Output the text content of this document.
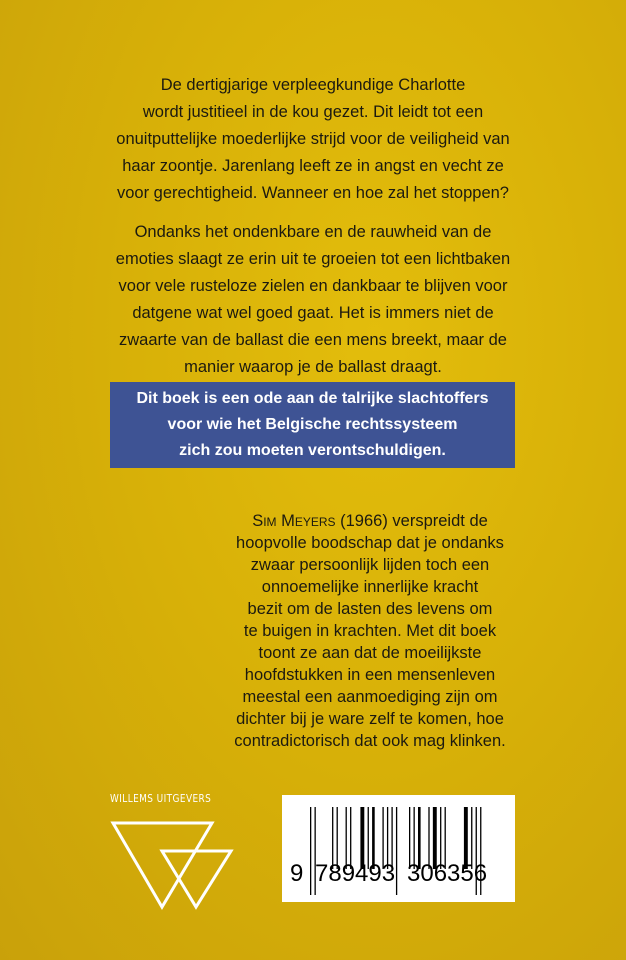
De dertigjarige verpleegkundige Charlotte
wordt justitieel in de kou gezet. Dit leidt tot een
onuitputtelijke moederlijke strijd voor de veiligheid van
haar zoontje. Jarenlang leeft ze in angst en vecht ze
voor gerechtigheid. Wanneer en hoe zal het stoppen?

Ondanks het ondenkbare en de rauwheid van de
emoties slaagt ze erin uit te groeien tot een lichtbaken
voor vele rusteloze zielen en dankbaar te blijven voor
datgene wat wel goed gaat. Het is immers niet de
zwaarte van de ballast die een mens breekt, maar de
manier waarop je de ballast draagt.

Dit boek is een ode aan de talrijke slachtoffers
voor wie het Belgische rechtssysteem
zich zou moeten verontschuldigen.

Sim Meyers (1966) verspreidt de
hoopvolle boodschap dat je ondanks
zwaar persoonlijk lijden toch een
onnoemelijke innerlijke kracht
bezit om de lasten des levens om
te buigen in krachten. Met dit boek
toont ze aan dat de moeilijkste
hoofdstukken in een mensenleven
meestal een aanmoediging zijn om
dichter bij je ware zelf te komen, hoe
contradictorisch dat ook mag klinken.

WILLEMS UITGEVERS
9 789493 306356
